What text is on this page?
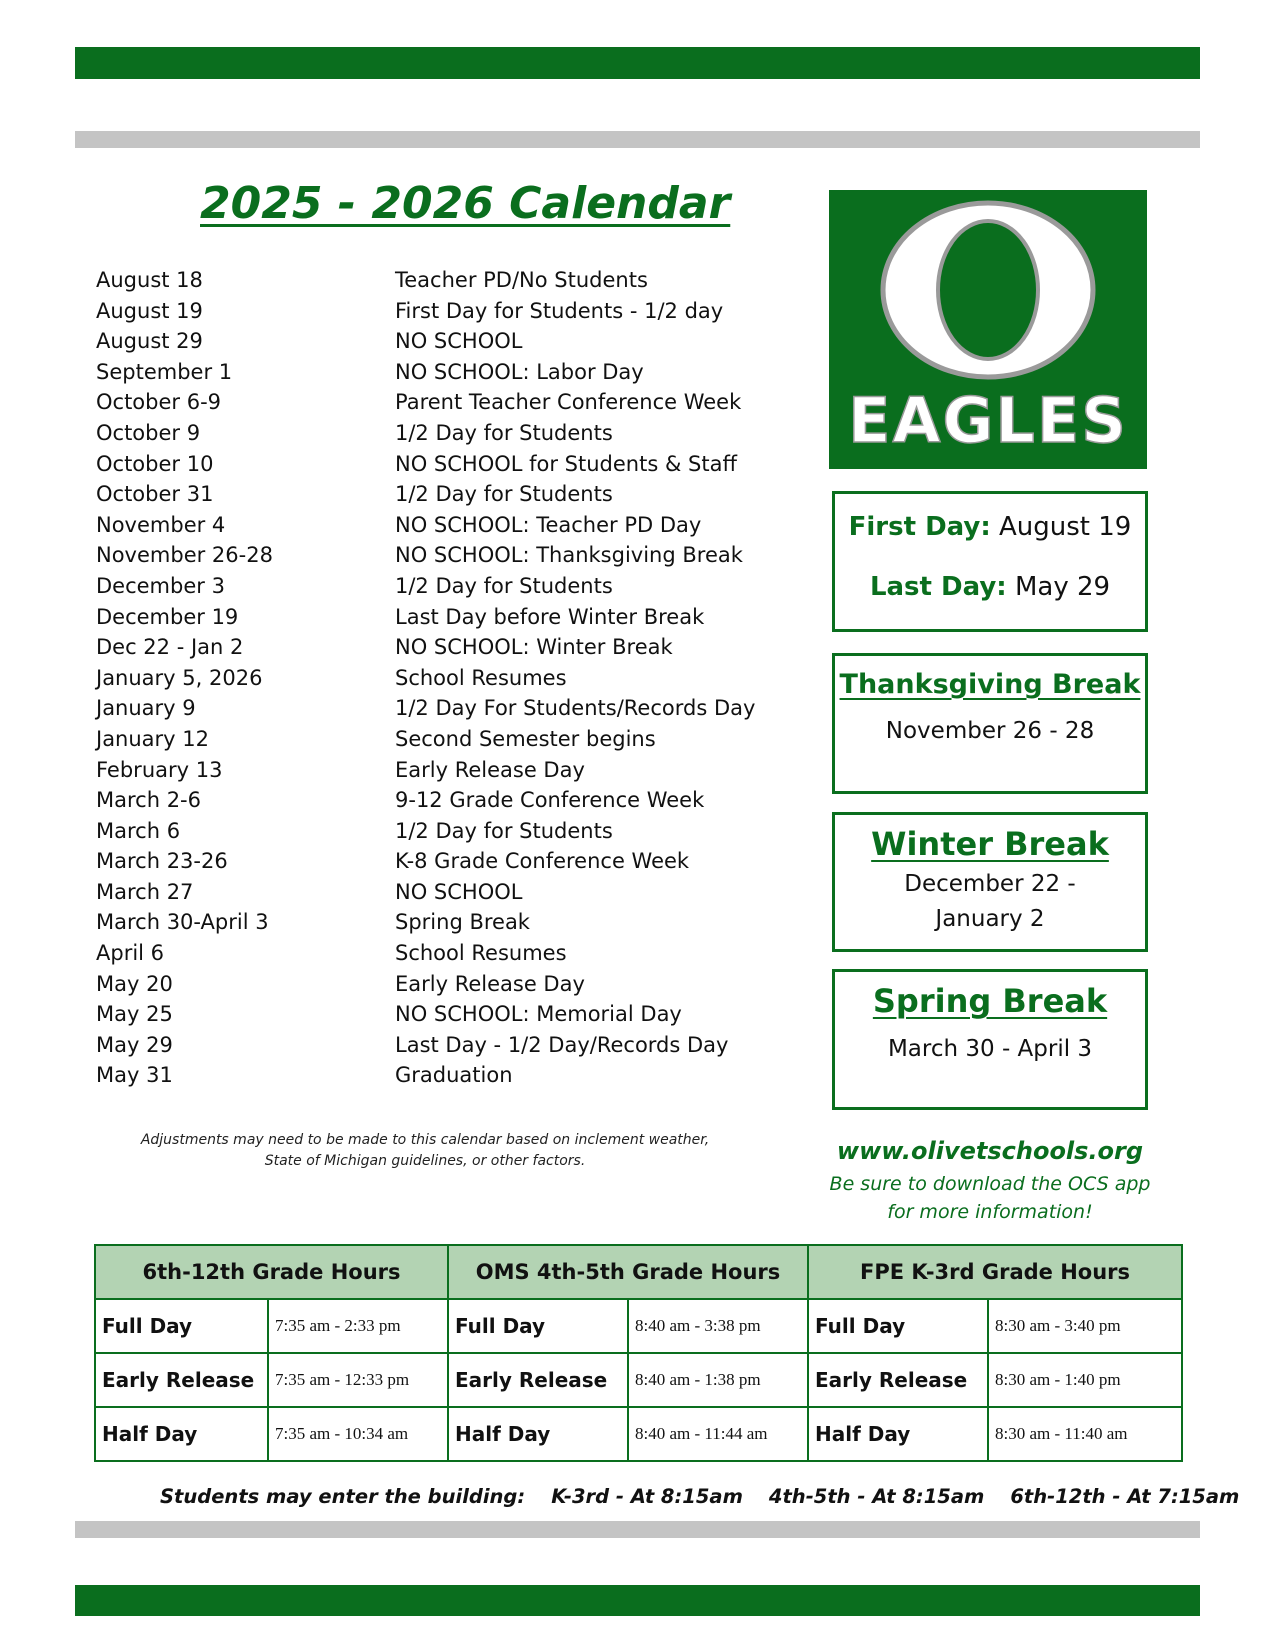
2025 - 2026 Calendar
August 18	Teacher PD/No Students
August 19	First Day for Students - 1/2 day
August 29	NO SCHOOL
September 1	NO SCHOOL: Labor Day
October 6-9	Parent Teacher Conference Week
October 9	1/2 Day for Students
October 10	NO SCHOOL for Students & Staff
October 31	1/2 Day for Students
November 4	NO SCHOOL: Teacher PD Day
November 26-28	NO SCHOOL: Thanksgiving Break
December 3	1/2 Day for Students
December 19	Last Day before Winter Break
Dec 22 - Jan 2	NO SCHOOL: Winter Break
January 5, 2026	School Resumes
January 9	1/2 Day For Students/Records Day
January 12	Second Semester begins
February 13	Early Release Day
March 2-6	9-12 Grade Conference Week
March 6	1/2 Day for Students
March 23-26	K-8 Grade Conference Week
March 27	NO SCHOOL
March 30-April 3	Spring Break
April 6	School Resumes
May 20	Early Release Day
May 25	NO SCHOOL: Memorial Day
May 29	Last Day - 1/2 Day/Records Day
May 31	Graduation
Adjustments may need to be made to this calendar based on inclement weather,
State of Michigan guidelines, or other factors.
EAGLES
First Day: August 19
Last Day: May 29
Thanksgiving Break
November 26 - 28
Winter Break
December 22 -
January 2
Spring Break
March 30 - April 3
www.olivetschools.org
Be sure to download the OCS app
for more information!
6th-12th Grade Hours		OMS 4th-5th Grade Hours		FPE K-3rd Grade Hours	
Full Day	7:35 am - 2:33 pm	Full Day	8:40 am - 3:38 pm	Full Day	8:30 am - 3:40 pm
Early Release	7:35 am - 12:33 pm	Early Release	8:40 am - 1:38 pm	Early Release	8:30 am - 1:40 pm
Half Day	7:35 am - 10:34 am	Half Day	8:40 am - 11:44 am	Half Day	8:30 am - 11:40 am
Students may enter the building: K-3rd - At 8:15am 4th-5th - At 8:15am 6th-12th - At 7:15am
